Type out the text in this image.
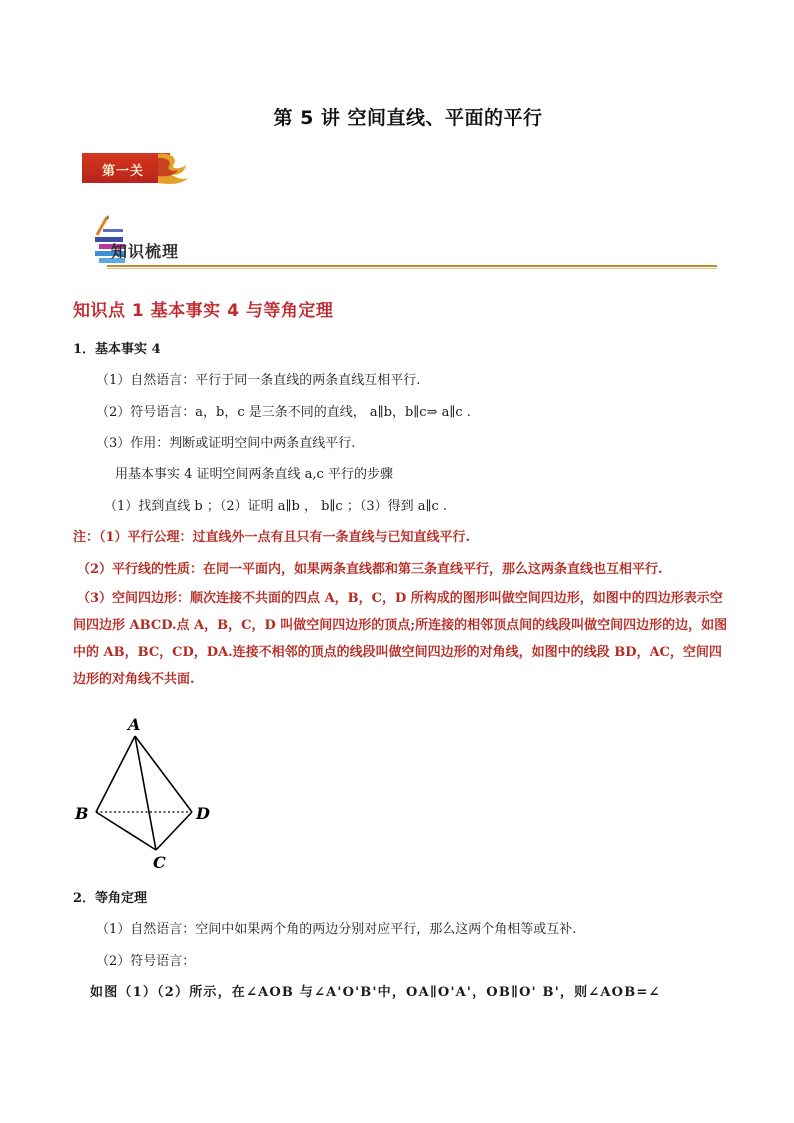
第 5 讲 空间直线、平面的平行
第一关
知识梳理
知识点 1 基本事实 4 与等角定理
1．基本事实 4
（1）自然语言：平行于同一条直线的两条直线互相平行.
（2）符号语言：a，b，c 是三条不同的直线， a∥b，b∥c⇒ a∥c .
（3）作用：判断或证明空间中两条直线平行.
用基本事实 4 证明空间两条直线 a,c 平行的步骤
（1）找到直线 b ；（2）证明 a∥b ， b∥c ；（3）得到 a∥c .
注：（1）平行公理：过直线外一点有且只有一条直线与已知直线平行.
（2）平行线的性质：在同一平面内，如果两条直线都和第三条直线平行，那么这两条直线也互相平行.
（3）空间四边形：顺次连接不共面的四点 A，B，C，D 所构成的图形叫做空间四边形，如图中的四边形表示空间四边形 ABCD.点 A，B，C，D 叫做空间四边形的顶点;所连接的相邻顶点间的线段叫做空间四边形的边，如图中的 AB，BC，CD，DA.连接不相邻的顶点的线段叫做空间四边形的对角线，如图中的线段 BD，AC，空间四边形的对角线不共面.
A
B
C
D
2．等角定理
（1）自然语言：空间中如果两个角的两边分别对应平行，那么这两个角相等或互补.
（2）符号语言：
如图（1）（2）所示，在∠AOB 与∠A'O'B'中，OA∥O'A'，OB∥O' B'，则∠AOB=∠
